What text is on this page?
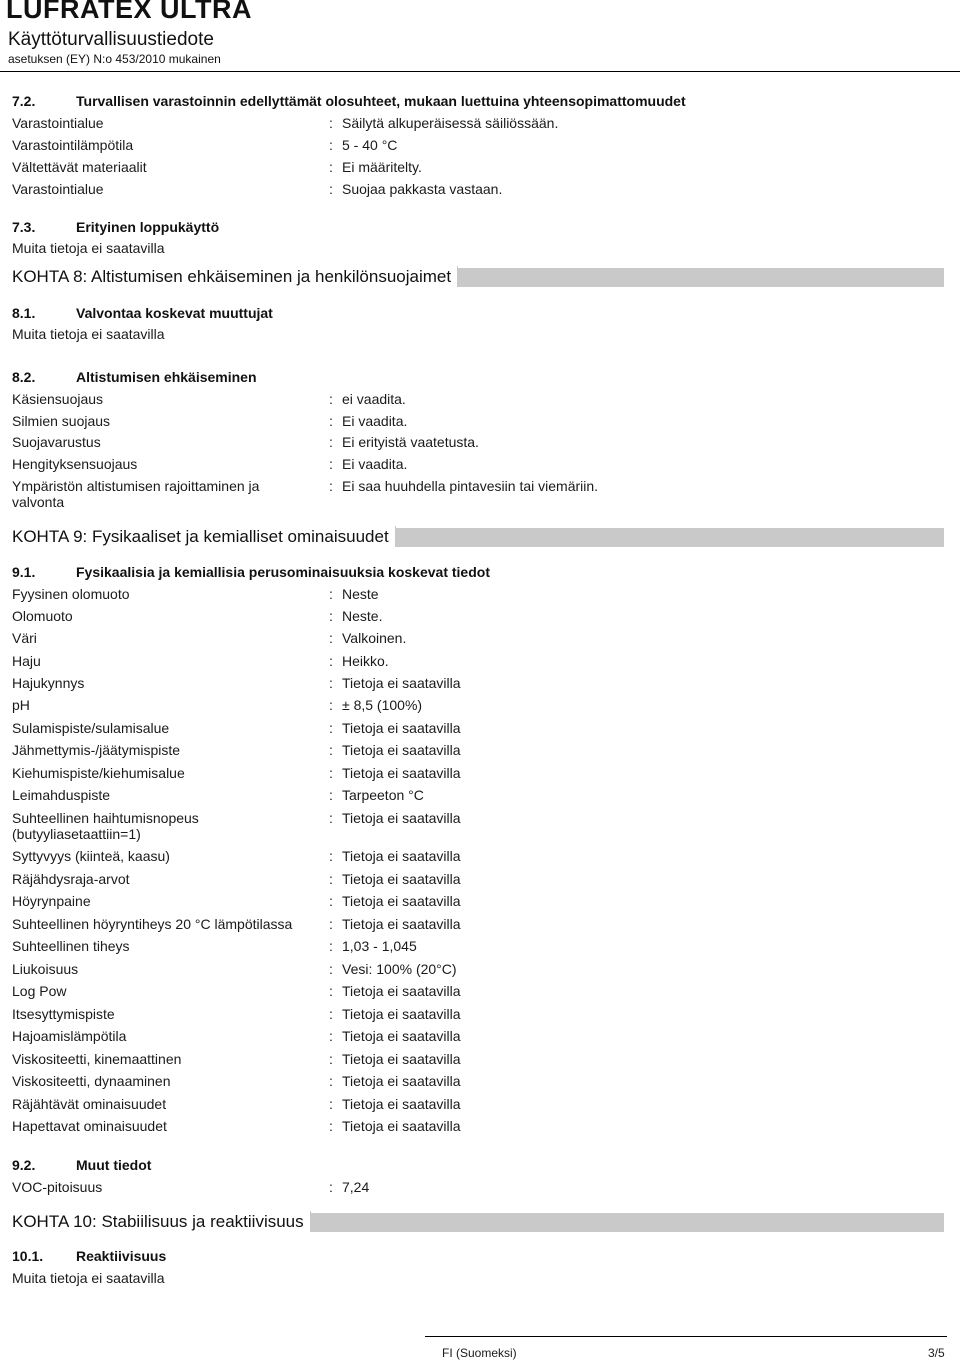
LUFRATEX ULTRA
Käyttöturvallisuustiedote
asetuksen (EY) N:o 453/2010 mukainen
7.2.	Turvallisen varastoinnin edellyttämät olosuhteet, mukaan luettuina yhteensopimattomuudet
Varastointialue	: Säilytä alkuperäisessä säiliössään.
Varastointilämpötila	: 5 - 40 °C
Vältettävät materiaalit	: Ei määritelty.
Varastointialue	: Suojaa pakkasta vastaan.
7.3.	Erityinen loppukäyttö
Muita tietoja ei saatavilla
KOHTA 8: Altistumisen ehkäiseminen ja henkilönsuojaimet
8.1.	Valvontaa koskevat muuttujat
Muita tietoja ei saatavilla
8.2.	Altistumisen ehkäiseminen
Käsiensuojaus	: ei vaadita.
Silmien suojaus	: Ei vaadita.
Suojavarustus	: Ei erityistä vaatetusta.
Hengityksensuojaus	: Ei vaadita.
Ympäristön altistumisen rajoittaminen ja valvonta
: Ei saa huuhdella pintavesiin tai viemäriin.
KOHTA 9: Fysikaaliset ja kemialliset ominaisuudet
9.1.	Fysikaalisia ja kemiallisia perusominaisuuksia koskevat tiedot
Fyysinen olomuoto	: Neste
Olomuoto	: Neste.
Väri	: Valkoinen.
Haju	: Heikko.
Hajukynnys	: Tietoja ei saatavilla
pH	: ± 8,5 (100%)
Sulamispiste/sulamisalue	: Tietoja ei saatavilla
Jähmettymis-/jäätymispiste	: Tietoja ei saatavilla
Kiehumispiste/kiehumisalue	: Tietoja ei saatavilla
Leimahduspiste	: Tarpeeton °C
Suhteellinen haihtumisnopeus (butyyliasetaattiin=1)
: Tietoja ei saatavilla
Syttyvyys (kiinteä, kaasu)	: Tietoja ei saatavilla
Räjähdysraja-arvot	: Tietoja ei saatavilla
Höyrynpaine	: Tietoja ei saatavilla
Suhteellinen höyryntiheys 20 °C lämpötilassa	: Tietoja ei saatavilla
Suhteellinen tiheys	: 1,03 - 1,045
Liukoisuus	: Vesi: 100% (20°C)
Log Pow	: Tietoja ei saatavilla
Itsesyttymispiste	: Tietoja ei saatavilla
Hajoamislämpötila	: Tietoja ei saatavilla
Viskositeetti, kinemaattinen	: Tietoja ei saatavilla
Viskositeetti, dynaaminen	: Tietoja ei saatavilla
Räjähtävät ominaisuudet	: Tietoja ei saatavilla
Hapettavat ominaisuudet	: Tietoja ei saatavilla
9.2.	Muut tiedot
VOC-pitoisuus	: 7,24
KOHTA 10: Stabiilisuus ja reaktiivisuus
10.1. Reaktiivisuus
Muita tietoja ei saatavilla
FI (Suomeksi)	3/5
